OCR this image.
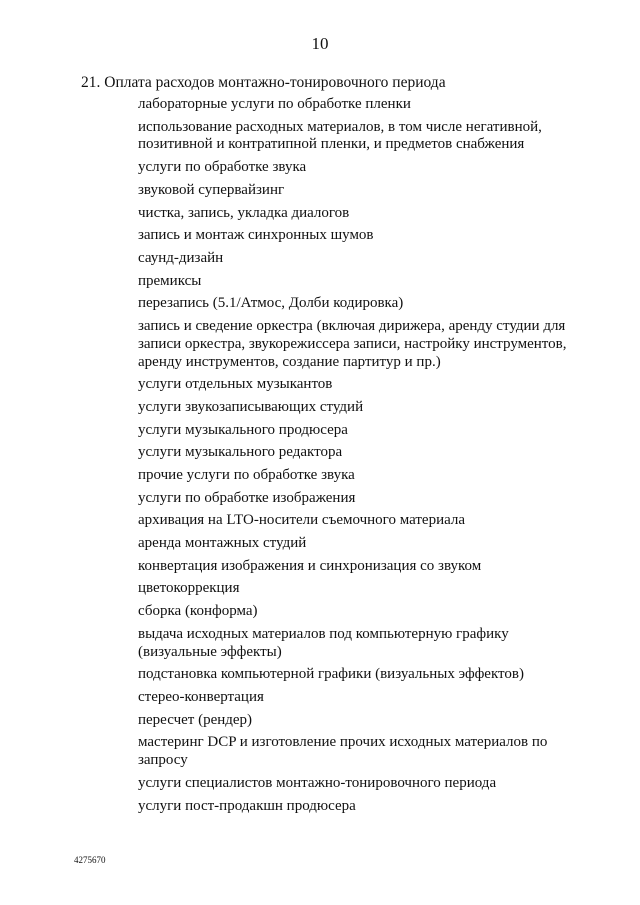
10
21. Оплата расходов монтажно-тонировочного периода
лабораторные услуги по обработке пленки
использование расходных материалов, в том числе негативной, позитивной и контратипной пленки, и предметов снабжения
услуги по обработке звука
звуковой супервайзинг
чистка, запись, укладка диалогов
запись и монтаж синхронных шумов
саунд-дизайн
премиксы
перезапись (5.1/Атмос, Долби кодировка)
запись и сведение оркестра (включая дирижера, аренду студии для записи оркестра, звукорежиссера записи, настройку инструментов, аренду инструментов, создание партитур и пр.)
услуги отдельных музыкантов
услуги звукозаписывающих студий
услуги музыкального продюсера
услуги музыкального редактора
прочие услуги по обработке звука
услуги по обработке изображения
архивация на LTO-носители съемочного материала
аренда монтажных студий
конвертация изображения и синхронизация со звуком
цветокоррекция
сборка (конформа)
выдача исходных материалов под компьютерную графику (визуальные эффекты)
подстановка компьютерной графики (визуальных эффектов)
стерео-конвертация
пересчет (рендер)
мастеринг DCP и изготовление прочих исходных материалов по запросу
услуги специалистов монтажно-тонировочного периода
услуги пост-продакшн продюсера
4275670
